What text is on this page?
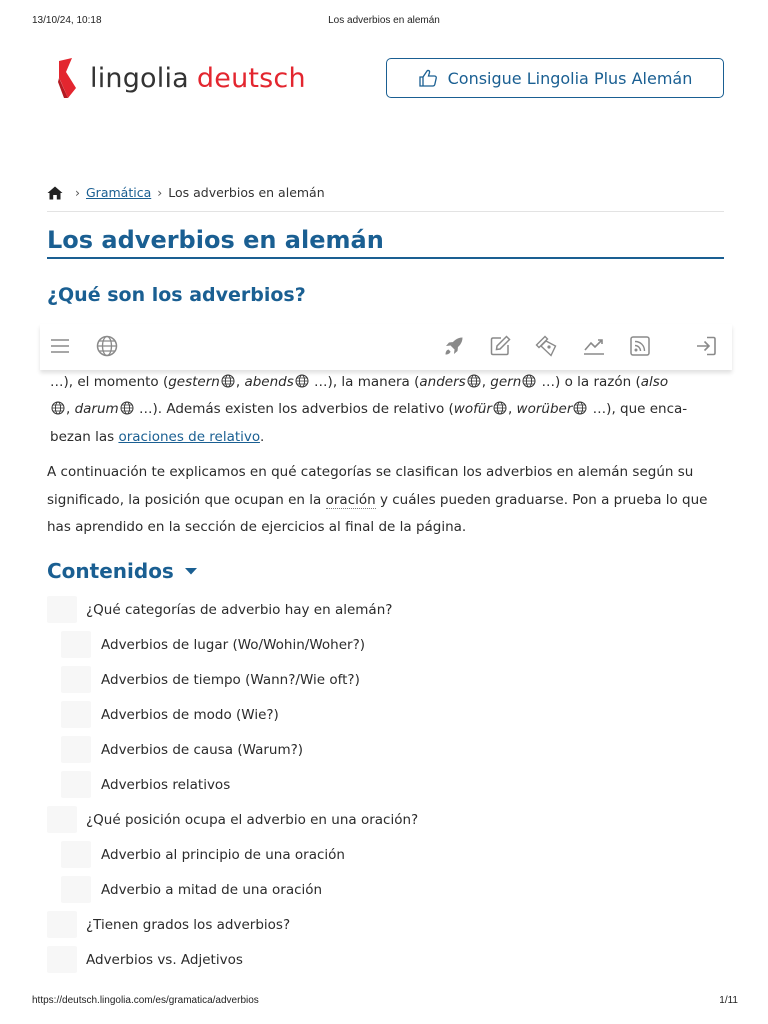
13/10/24, 10:18	Los adverbios en alemán
lingolia deutsch	Consigue Lingolia Plus Alemán
› Gramática › Los adverbios en alemán
Los adverbios en alemán
¿Qué son los adverbios?
…), el momento (gestern , abends …), la manera (anders , gern …) o la razón (also
, darum …). Además existen los adverbios de relativo (wofür , worüber …), que enca-
bezan las oraciones de relativo.
A continuación te explicamos en qué categorías se clasifican los adverbios en alemán según su significado, la posición que ocupan en la oración y cuáles pueden graduarse. Pon a prueba lo que has aprendido en la sección de ejercicios al final de la página.
Contenidos
¿Qué categorías de adverbio hay en alemán?
Adverbios de lugar (Wo/Wohin/Woher?)
Adverbios de tiempo (Wann?/Wie oft?)
Adverbios de modo (Wie?)
Adverbios de causa (Warum?)
Adverbios relativos
¿Qué posición ocupa el adverbio en una oración?
Adverbio al principio de una oración
Adverbio a mitad de una oración
¿Tienen grados los adverbios?
Adverbios vs. Adjetivos
https://deutsch.lingolia.com/es/gramatica/adverbios	1/11
